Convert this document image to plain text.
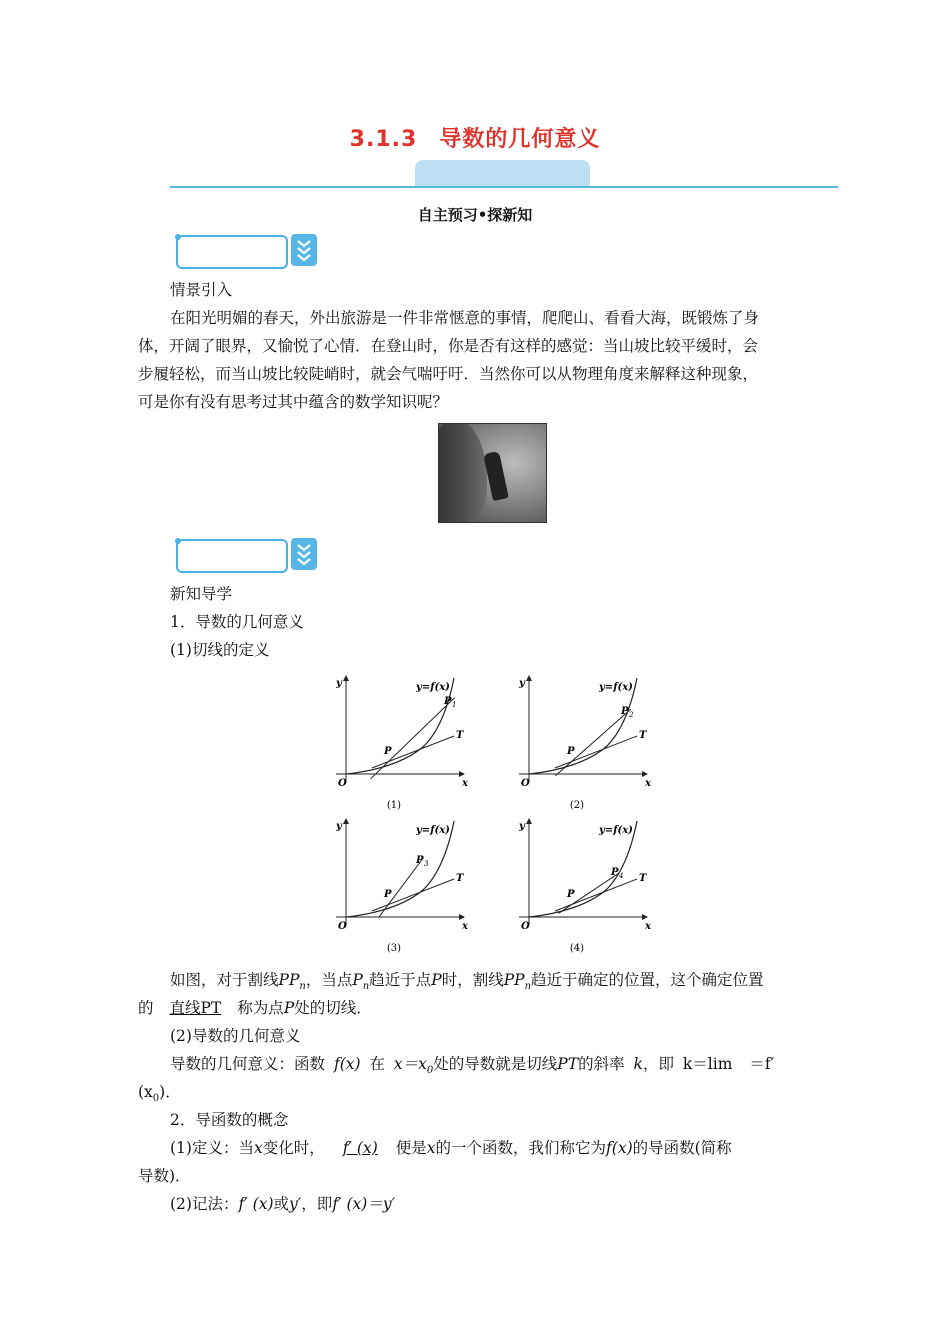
3.1.3 导数的几何意义
自主预习•探新知
情景引入
在阳光明媚的春天，外出旅游是一件非常惬意的事情，爬爬山、看看大海，既锻炼了身
体，开阔了眼界，又愉悦了心情．在登山时，你是否有这样的感觉：当山坡比较平缓时，会
步履轻松，而当山坡比较陡峭时，就会气喘吁吁．当然你可以从物理角度来解释这种现象，
可是你有没有思考过其中蕴含的数学知识呢？
新知导学
1．导数的几何意义
(1)切线的定义
O
y
x
y=f(x)
P
T
P 1
(1)
O
y
x
y=f(x)
P
T
P 2
(2)
O
y
x
y=f(x)
P
T
P 3
(3)
O
y
x
y=f(x)
P
T
P 4
(4)
如图，对于割线$PP_n$，当点$P_n$趋近于点P时，割线$PP_n$趋近于确定的位置，这个确定位置
的 直线PT 称为点P处的切线．
(2)导数的几何意义
导数的几何意义：函数 f(x) 在 $x=x_0$处的导数就是切线PT的斜率 k，即 k＝lim ＝f′
$(x_0)$．
2．导函数的概念
(1)定义：当x变化时， f′ (x) 便是x的一个函数，我们称它为f(x)的导函数(简称
导数)．
(2)记法：f′ (x)或y′，即f′ (x)＝y′
